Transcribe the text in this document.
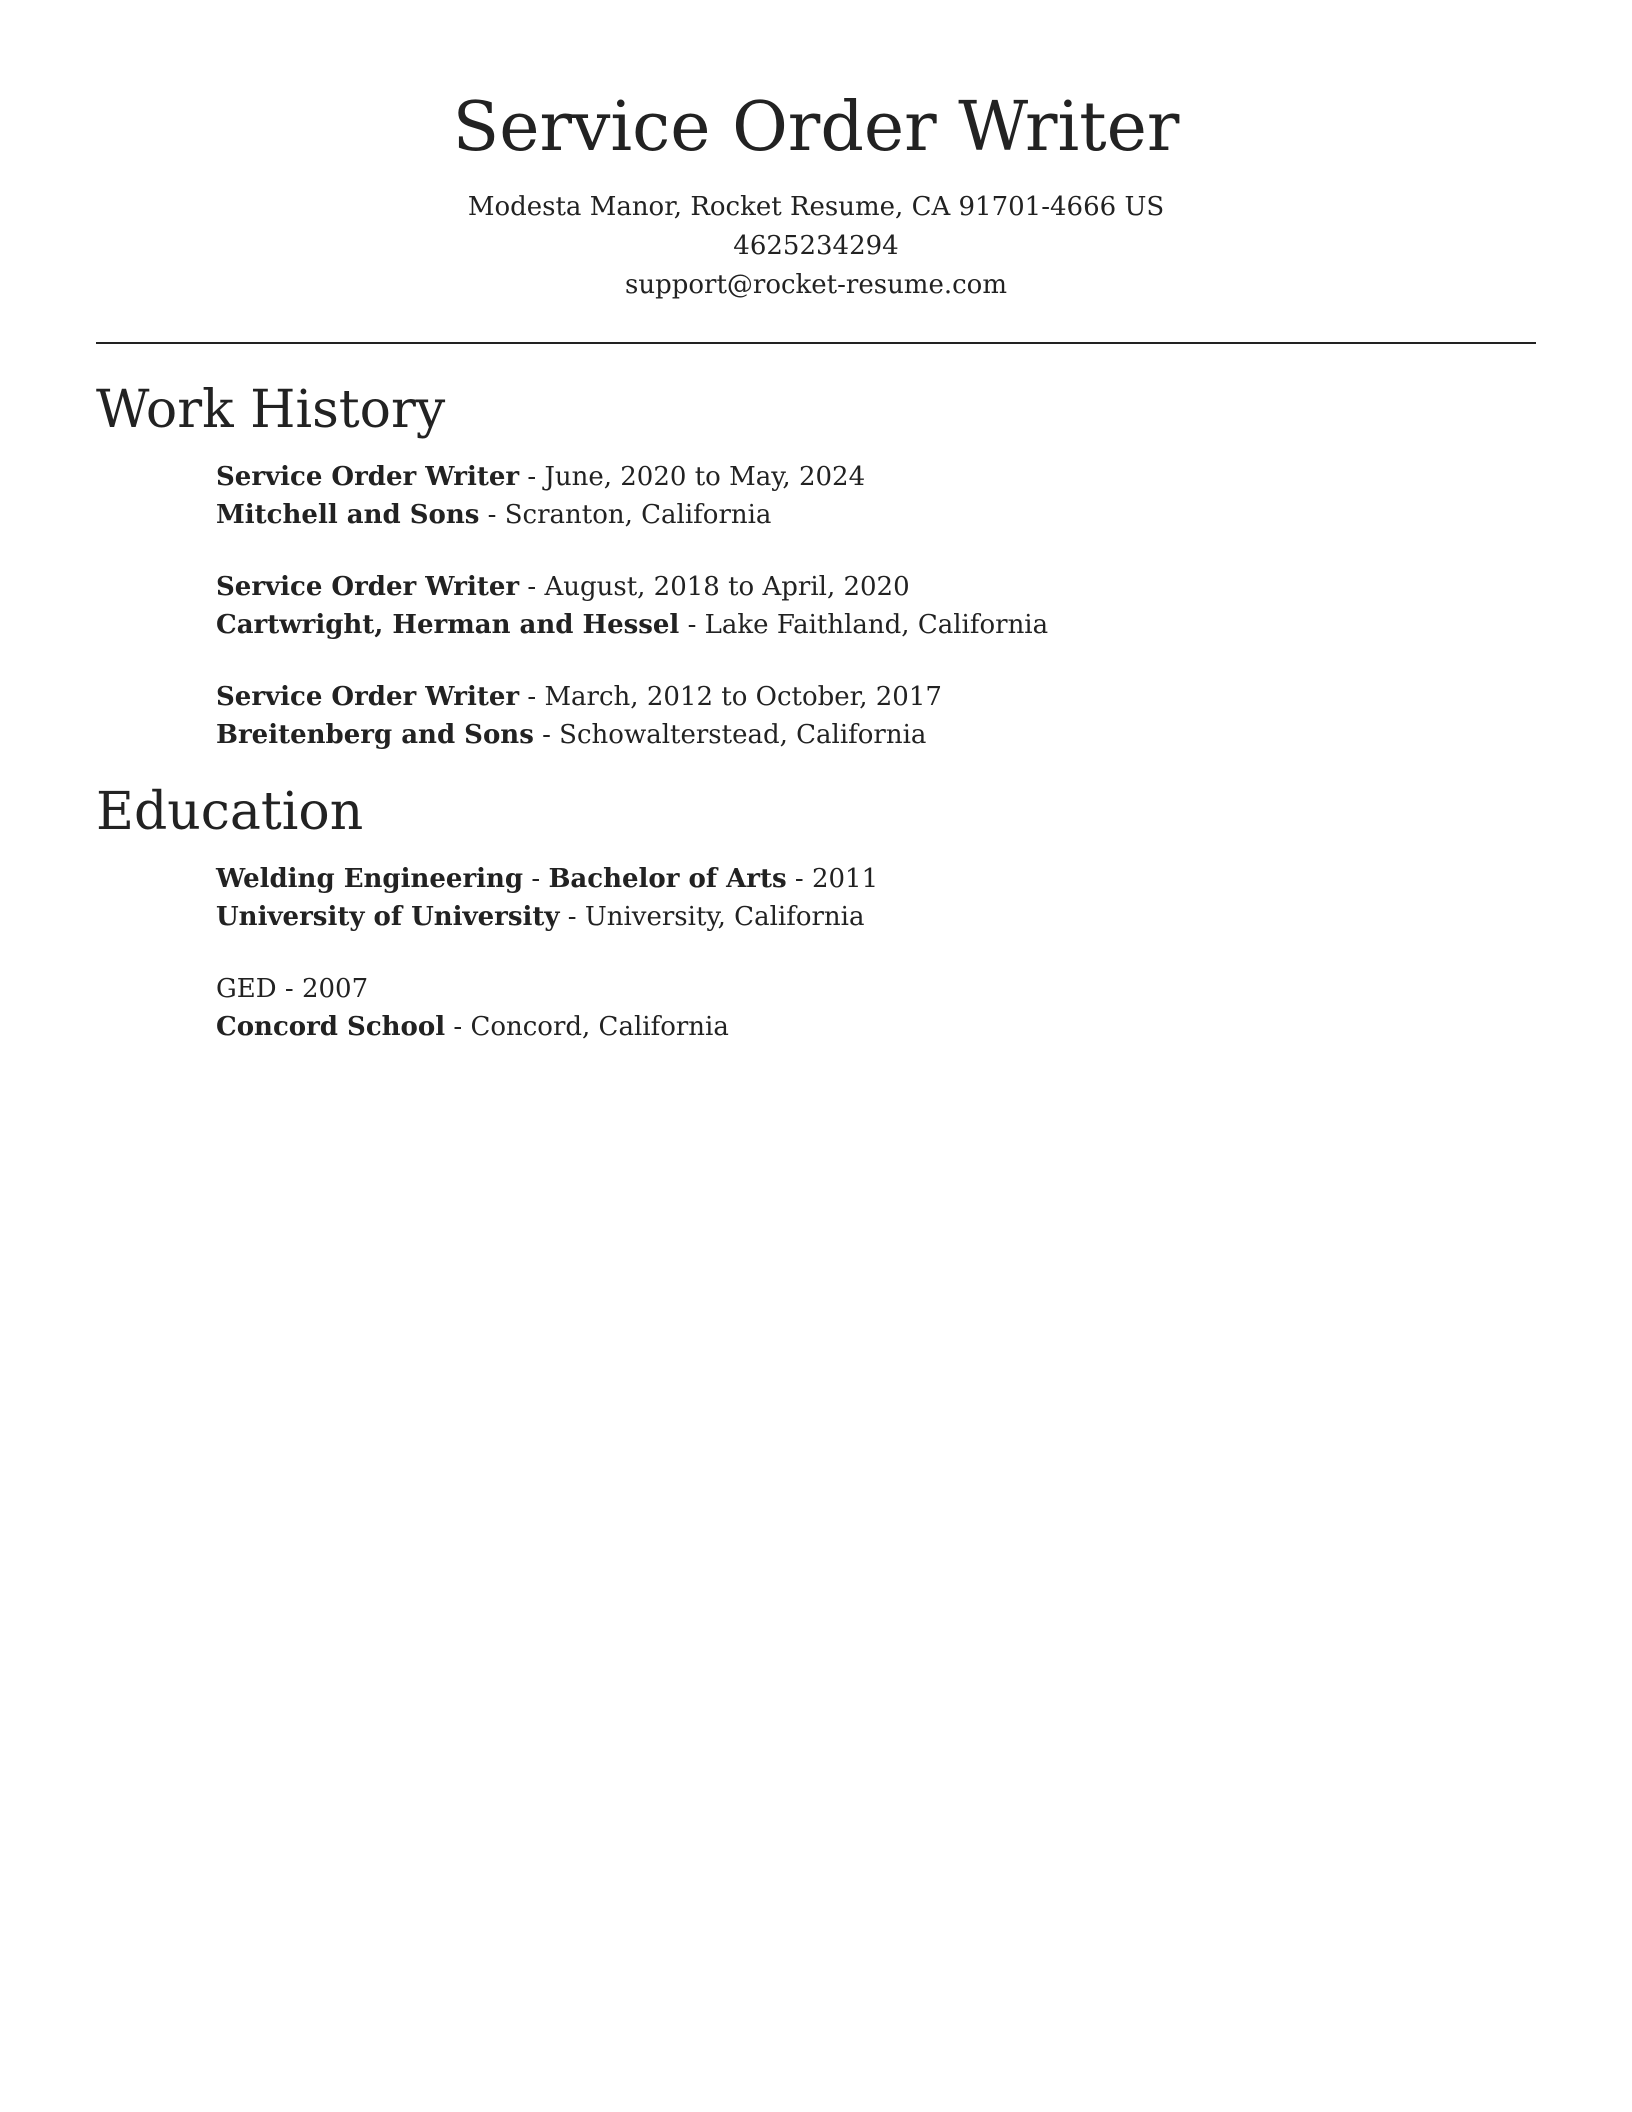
Service Order Writer
Modesta Manor, Rocket Resume, CA 91701-4666 US
4625234294
support@rocket-resume.com
Work History
Service Order Writer - June, 2020 to May, 2024
Mitchell and Sons - Scranton, California
Service Order Writer - August, 2018 to April, 2020
Cartwright, Herman and Hessel - Lake Faithland, California
Service Order Writer - March, 2012 to October, 2017
Breitenberg and Sons - Schowalterstead, California
Education
Welding Engineering - Bachelor of Arts - 2011
University of University - University, California
GED - 2007
Concord School - Concord, California
